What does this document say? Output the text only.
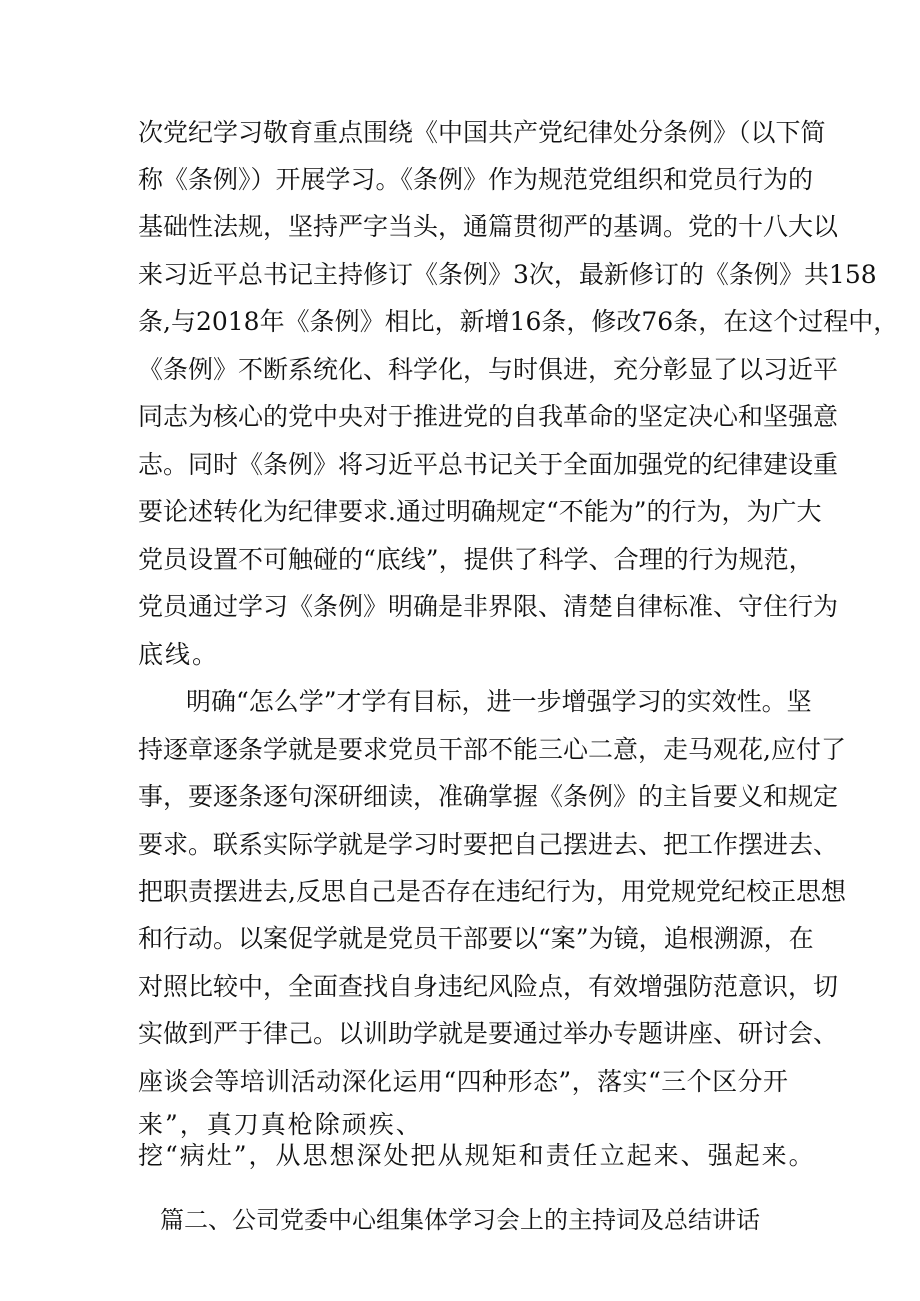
次党纪学习敬育重点围绕《中国共产党纪律处分条例》（以下简
称《条例》）开展学习。《条例》作为规范党组织和党员行为的
基础性法规，坚持严字当头，通篇贯彻严的基调。党的十八大以
来习近平总书记主持修订《条例》3次，最新修订的《条例》共158
条,与2018年《条例》相比，新增16条，修改76条，在这个过程中，
《条例》不断系统化、科学化，与时俱进，充分彰显了以习近平
同志为核心的党中央对于推进党的自我革命的坚定决心和坚强意
志。同时《条例》将习近平总书记关于全面加强党的纪律建设重
要论述转化为纪律要求.通过明确规定“不能为”的行为，为广大
党员设置不可触碰的“底线”，提供了科学、合理的行为规范，
党员通过学习《条例》明确是非界限、清楚自律标准、守住行为
底线。
明确“怎么学”才学有目标，进一步增强学习的实效性。坚
持逐章逐条学就是要求党员干部不能三心二意，走马观花,应付了
事，要逐条逐句深研细读，准确掌握《条例》的主旨要义和规定
要求。联系实际学就是学习时要把自己摆进去、把工作摆进去、
把职责摆进去,反思自己是否存在违纪行为，用党规党纪校正思想
和行动。以案促学就是党员干部要以“案”为镜，追根溯源，在
对照比较中，全面查找自身违纪风险点，有效增强防范意识，切
实做到严于律己。以训助学就是要通过举办专题讲座、研讨会、
座谈会等培训活动深化运用“四种形态”，落实“三个区分开
来”，真刀真枪除顽疾、
挖“病灶”，从思想深处把从规矩和责任立起来、强起来。
篇二、公司党委中心组集体学习会上的主持词及总结讲话
